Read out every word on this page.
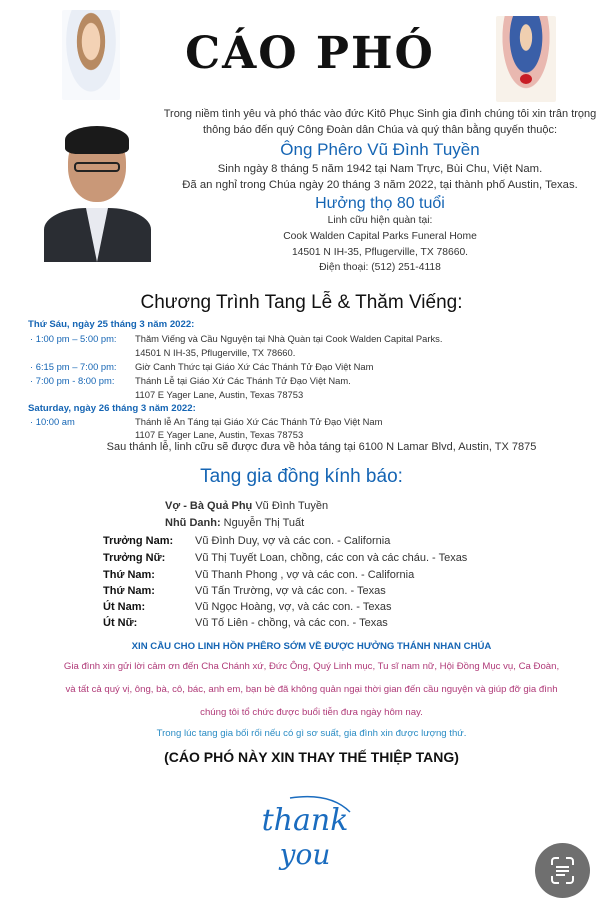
CÁO PHÓ
Trong niềm tình yêu và phó thác vào đức Kitô Phục Sinh gia đình chúng tôi xin trân trọng
thông báo đến quý Công Đoàn dân Chúa và quý thân bằng quyến thuộc:
Ông Phêro Vũ Đình Tuyền
Sinh ngày 8 tháng 5 năm 1942 tại Nam Trực, Bùi Chu, Việt Nam.
Đã an nghỉ trong Chúa ngày 20 tháng 3 năm 2022, tại thành phố Austin, Texas.
Hưởng thọ 80 tuổi
Linh cữu hiện quàn tại:
Cook Walden Capital Parks Funeral Home
14501 N IH-35, Pflugerville, TX 78660.
Điện thoại: (512) 251-4118
Chương Trình Tang Lễ & Thăm Viếng:
Thứ Sáu, ngày 25 tháng 3 năm 2022:
· 1:00 pm – 5:00 pm: Thăm Viếng và Cầu Nguyện tại Nhà Quàn tại Cook Walden Capital Parks.
14501 N IH-35, Pflugerville, TX 78660.
· 6:15 pm – 7:00 pm: Giờ Canh Thức tại Giáo Xứ Các Thánh Tử Đạo Việt Nam
· 7:00 pm - 8:00 pm: Thánh Lễ tại Giáo Xứ Các Thánh Tử Đạo Việt Nam.
1107 E Yager Lane, Austin, Texas 78753
Saturday, ngày 26 tháng 3 năm 2022:
· 10:00 am	Thánh lễ An Táng tại Giáo Xứ Các Thánh Tử Đạo Việt Nam
1107 E Yager Lane, Austin, Texas 78753
Sau thánh lễ, linh cữu sẽ được đưa về hỏa táng tại 6100 N Lamar Blvd, Austin, TX 7875
Tang gia đồng kính báo:
Vợ - Bà Quả Phụ Vũ Đình Tuyền
Nhũ Danh: Nguyễn Thị Tuất
Trưởng Nam: Vũ Đình Duy, vợ và các con. - California
Trưởng Nữ:	Vũ Thị Tuyết Loan, chồng, các con và các cháu. - Texas
Thứ Nam:	Vũ Thanh Phong , vợ và các con. - California
Thứ Nam:	Vũ Tấn Trường, vợ và các con. - Texas
Út Nam:	Vũ Ngọc Hoàng, vợ, và các con. - Texas
Út Nữ:	Vũ Tố Liên - chồng, và các con. - Texas
XIN CẦU CHO LINH HỒN PHÊRO SỚM VỀ ĐƯỢC HƯỞNG THÁNH NHAN CHÚA
Gia đình xin gửi lời cảm ơn đến Cha Chánh xứ, Đức Ông, Quý Linh mục, Tu sĩ nam nữ, Hội Đồng Mục vụ, Ca Đoàn,
và tất cả quý vị, ông, bà, cô, bác, anh em, bạn bè đã không quản ngại thời gian đến cầu nguyện và giúp đỡ gia đình
chúng tôi tổ chức được buổi tiễn đưa ngày hôm nay.
Trong lúc tang gia bối rối nếu có gì sơ suất, gia đình xin được lượng thứ.
(CÁO PHÓ NÀY XIN THAY THẾ THIỆP TANG)
thank
you
